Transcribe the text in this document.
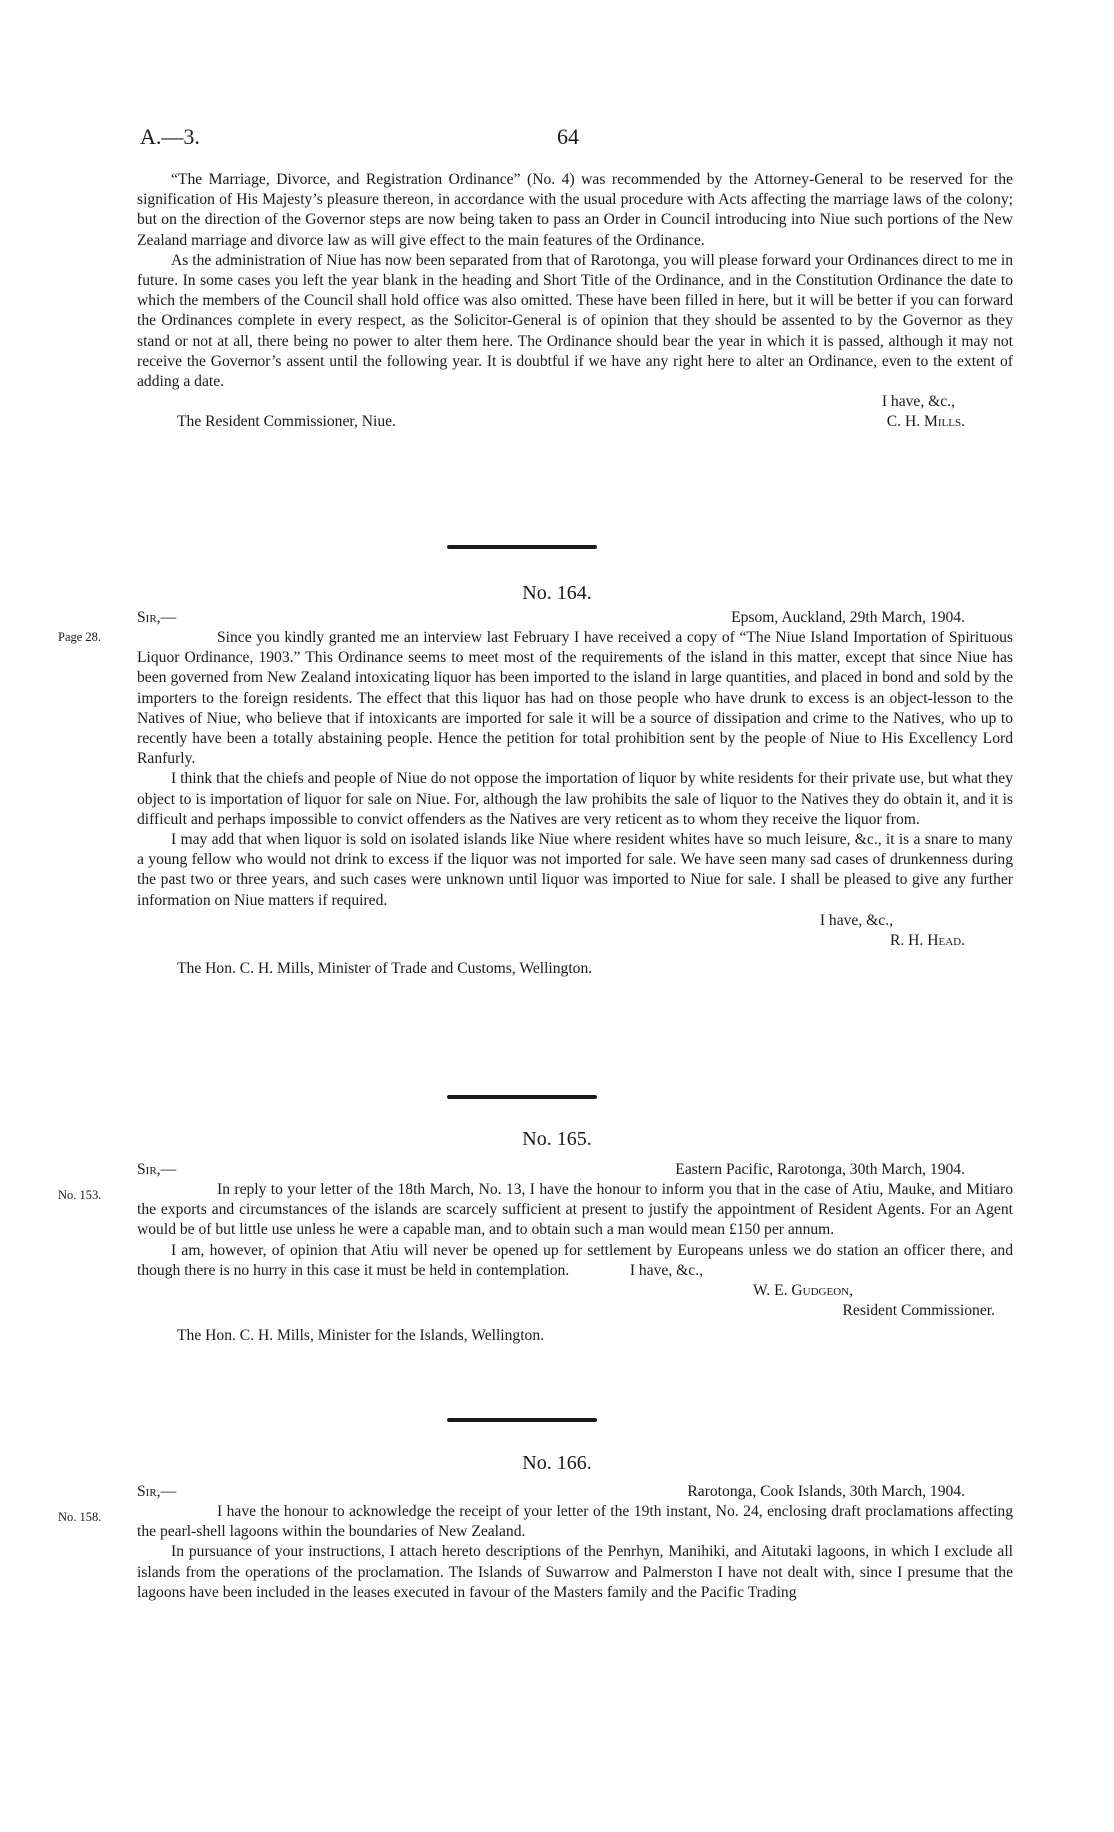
A.—3.	64

“The Marriage, Divorce, and Registration Ordinance” (No. 4) was recommended by the Attorney-General to be reserved for the signification of His Majesty’s pleasure thereon, in accordance with the usual procedure with Acts affecting the marriage laws of the colony; but on the direction of the Governor steps are now being taken to pass an Order in Council introducing into Niue such portions of the New Zealand marriage and divorce law as will give effect to the main features of the Ordinance.

As the administration of Niue has now been separated from that of Rarotonga, you will please forward your Ordinances direct to me in future. In some cases you left the year blank in the heading and Short Title of the Ordinance, and in the Constitution Ordinance the date to which the members of the Council shall hold office was also omitted. These have been filled in here, but it will be better if you can forward the Ordinances complete in every respect, as the Solicitor-General is of opinion that they should be assented to by the Governor as they stand or not at all, there being no power to alter them here. The Ordinance should bear the year in which it is passed, although it may not receive the Governor’s assent until the following year. It is doubtful if we have any right here to alter an Ordinance, even to the extent of adding a date.

I have, &c.,

The Resident Commissioner, Niue.	C. H. Mills.
No. 164.
Page 28.
Sir,—	Epsom, Auckland, 29th March, 1904.

Since you kindly granted me an interview last February I have received a copy of “The Niue Island Importation of Spirituous Liquor Ordinance, 1903.” This Ordinance seems to meet most of the requirements of the island in this matter, except that since Niue has been governed from New Zealand intoxicating liquor has been imported to the island in large quantities, and placed in bond and sold by the importers to the foreign residents. The effect that this liquor has had on those people who have drunk to excess is an object-lesson to the Natives of Niue, who believe that if intoxicants are imported for sale it will be a source of dissipation and crime to the Natives, who up to recently have been a totally abstaining people. Hence the petition for total prohibition sent by the people of Niue to His Excellency Lord Ranfurly.

I think that the chiefs and people of Niue do not oppose the importation of liquor by white residents for their private use, but what they object to is importation of liquor for sale on Niue. For, although the law prohibits the sale of liquor to the Natives they do obtain it, and it is difficult and perhaps impossible to convict offenders as the Natives are very reticent as to whom they receive the liquor from.

I may add that when liquor is sold on isolated islands like Niue where resident whites have so much leisure, &c., it is a snare to many a young fellow who would not drink to excess if the liquor was not imported for sale. We have seen many sad cases of drunkenness during the past two or three years, and such cases were unknown until liquor was imported to Niue for sale. I shall be pleased to give any further information on Niue matters if required.

I have, &c.,

R. H. Head.

The Hon. C. H. Mills, Minister of Trade and Customs, Wellington.

No. 165.
No. 153.
Sir,—	Eastern Pacific, Rarotonga, 30th March, 1904.

In reply to your letter of the 18th March, No. 13, I have the honour to inform you that in the case of Atiu, Mauke, and Mitiaro the exports and circumstances of the islands are scarcely sufficient at present to justify the appointment of Resident Agents. For an Agent would be of but little use unless he were a capable man, and to obtain such a man would mean £150 per annum.

I am, however, of opinion that Atiu will never be opened up for settlement by Europeans unless we do station an officer there, and though there is no hurry in this case it must be held in contemplation.	I have, &c.,

W. E. Gudgeon,

Resident Commissioner.

The Hon. C. H. Mills, Minister for the Islands, Wellington.

No. 166.
No. 158.
Sir,—	Rarotonga, Cook Islands, 30th March, 1904.

I have the honour to acknowledge the receipt of your letter of the 19th instant, No. 24, enclosing draft proclamations affecting the pearl-shell lagoons within the boundaries of New Zealand.

In pursuance of your instructions, I attach hereto descriptions of the Penrhyn, Manihiki, and Aitutaki lagoons, in which I exclude all islands from the operations of the proclamation. The Islands of Suwarrow and Palmerston I have not dealt with, since I presume that the lagoons have been included in the leases executed in favour of the Masters family and the Pacific Trading
